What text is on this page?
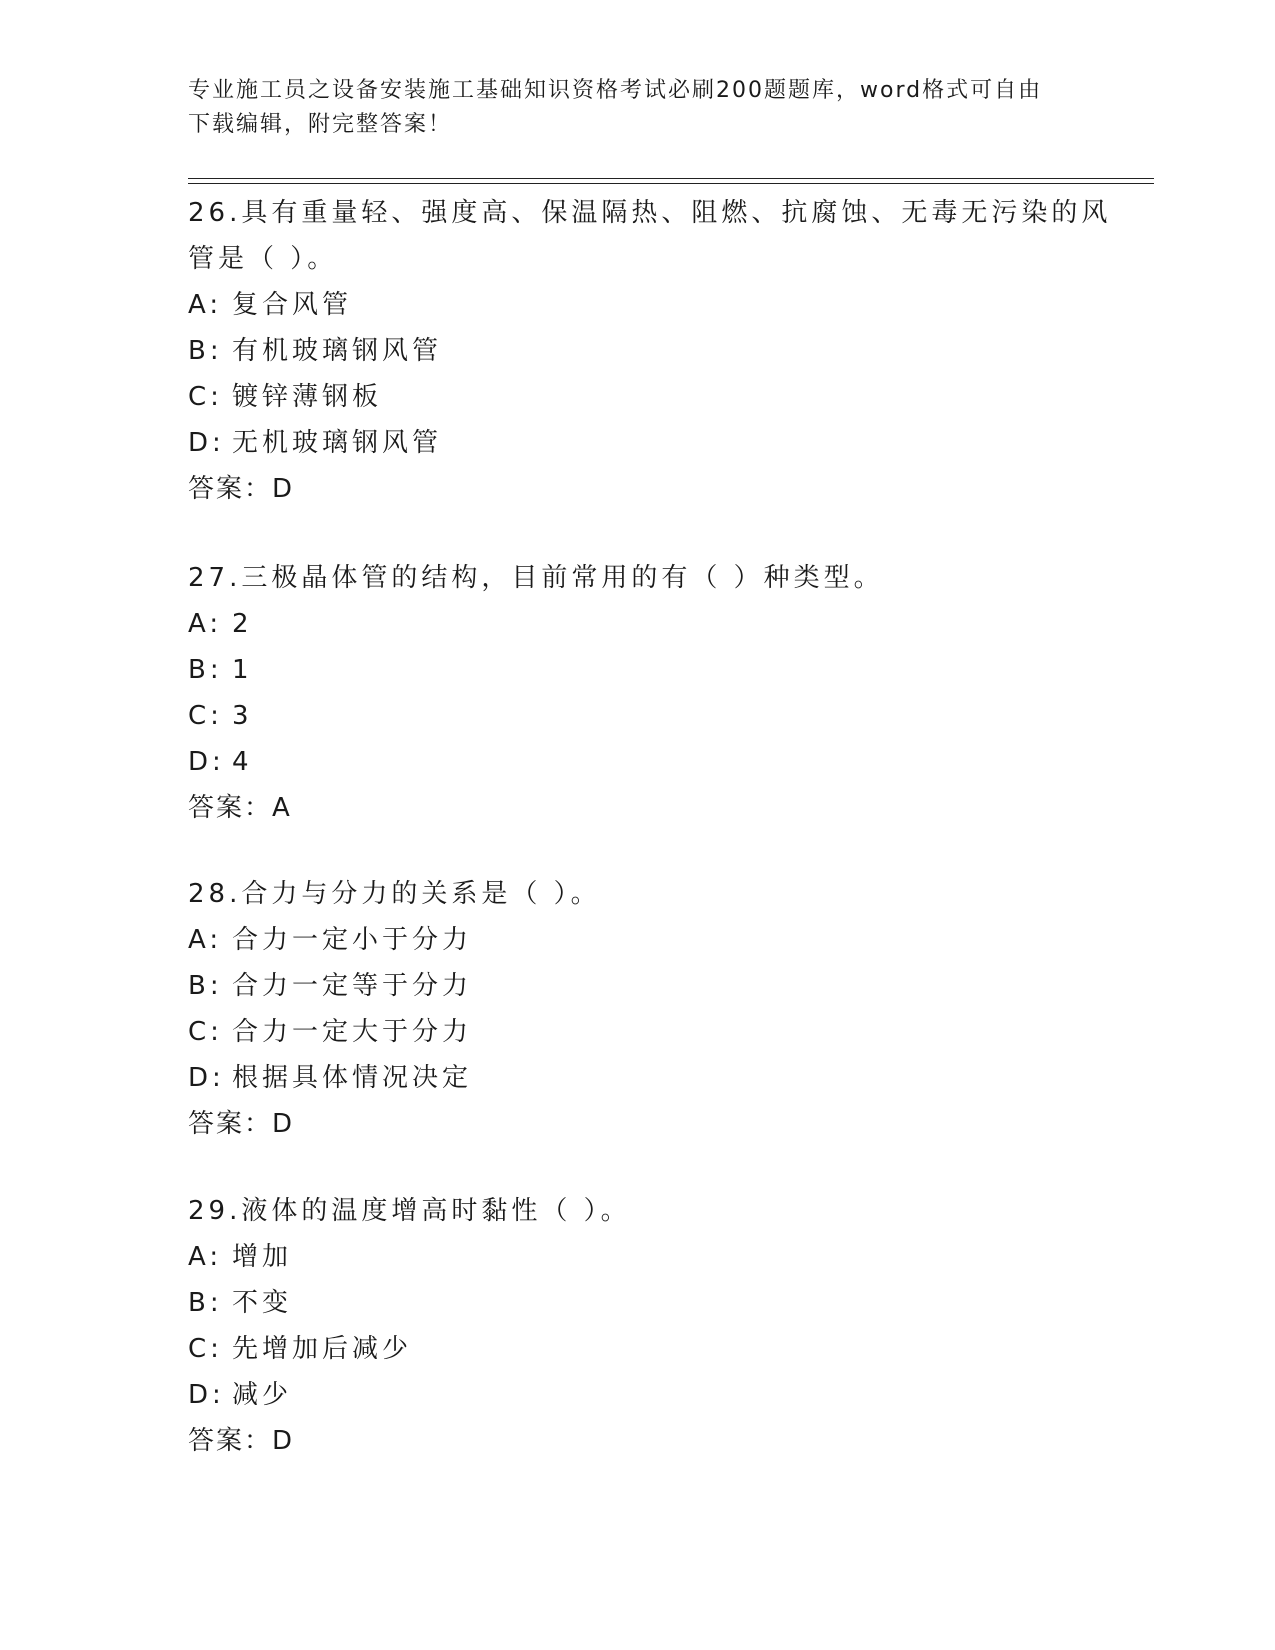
专业施工员之设备安装施工基础知识资格考试必刷200题题库，word格式可自由
下载编辑，附完整答案！
26.具有重量轻、强度高、保温隔热、阻燃、抗腐蚀、无毒无污染的风
管是（ ）。
A: 复合风管
B: 有机玻璃钢风管
C: 镀锌薄钢板
D: 无机玻璃钢风管
答案：D
27.三极晶体管的结构，目前常用的有（ ）种类型。
A: 2
B: 1
C: 3
D: 4
答案：A
28.合力与分力的关系是（ ）。
A: 合力一定小于分力
B: 合力一定等于分力
C: 合力一定大于分力
D: 根据具体情况决定
答案：D
29.液体的温度增高时黏性（ ）。
A: 增加
B: 不变
C: 先增加后减少
D: 减少
答案：D
